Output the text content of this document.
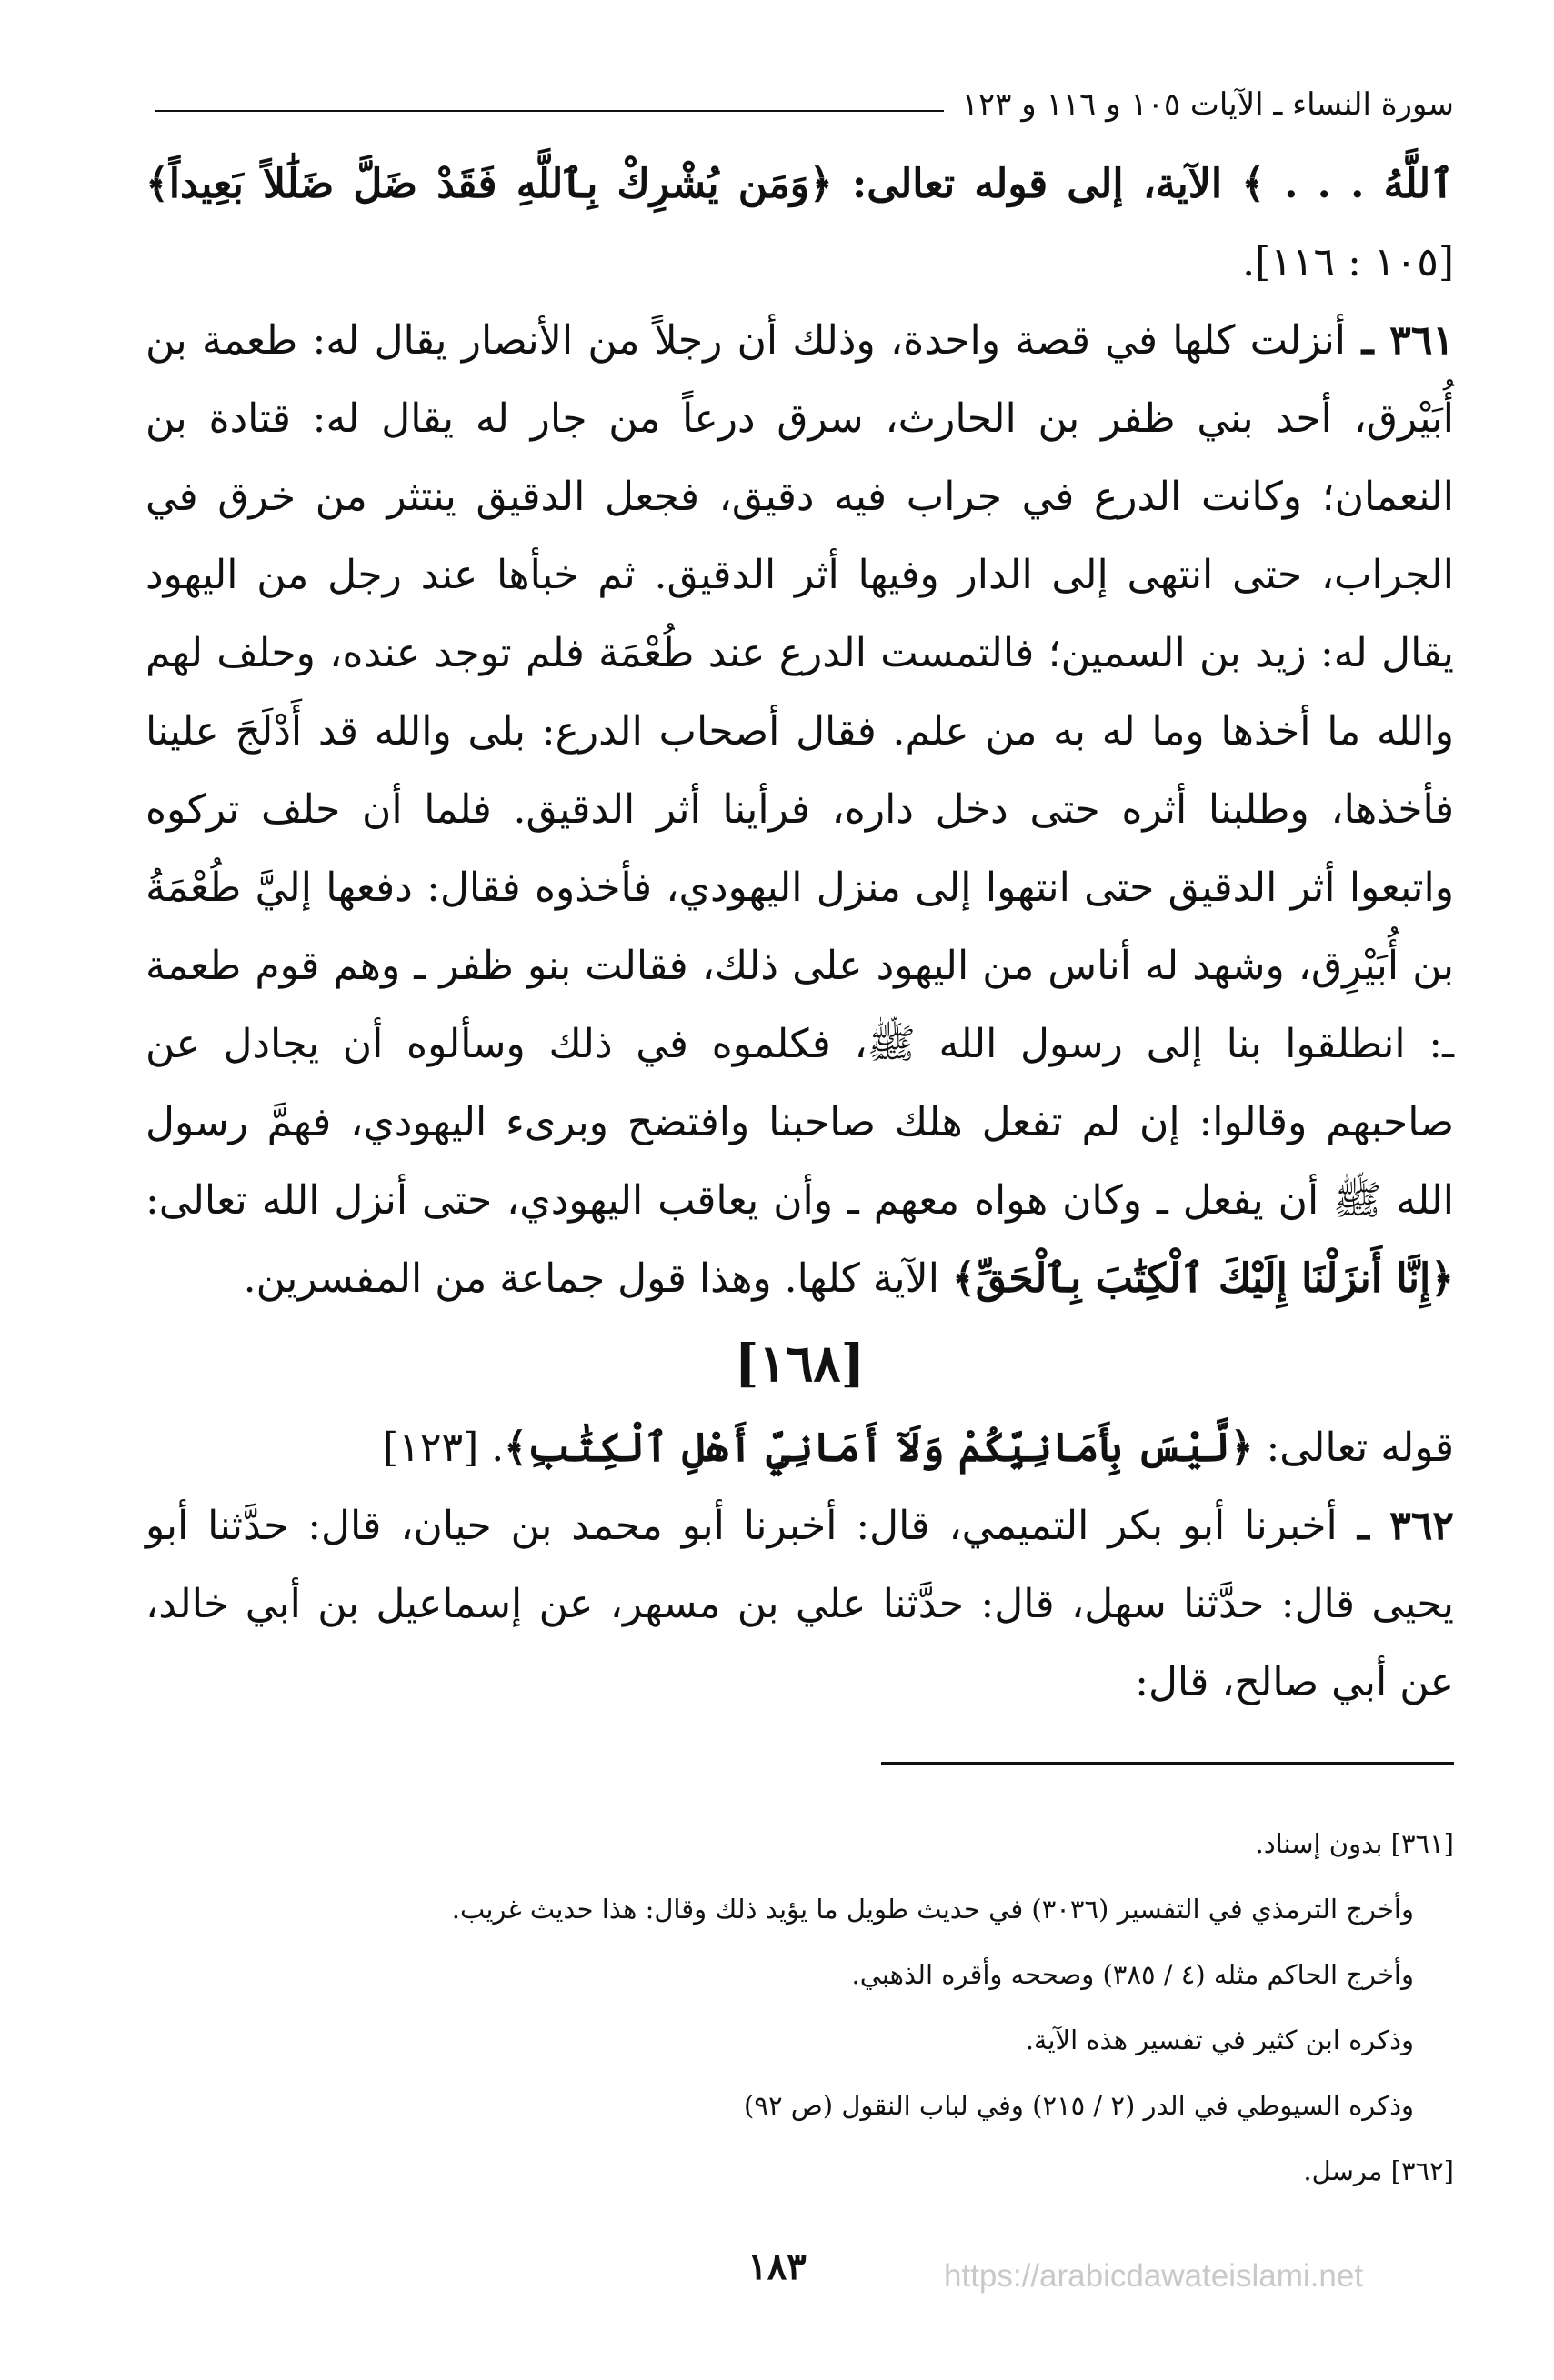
سورة النساء ـ الآيات ١٠٥ و ١١٦ و ١٢٣

ٱللَّهُ . . . ﴾ الآية، إلى قوله تعالى: ﴿وَمَن يُشْرِكْ بِٱللَّهِ فَقَدْ ضَلَّ ضَلَٰلاً بَعِيداً﴾ [١٠٥ : ١١٦].

٣٦١ ـ أنزلت كلها في قصة واحدة، وذلك أن رجلاً من الأنصار يقال له: طعمة بن أُبَيْرق، أحد بني ظفر بن الحارث، سرق درعاً من جار له يقال له: قتادة بن النعمان؛ وكانت الدرع في جراب فيه دقيق، فجعل الدقيق ينتثر من خرق في الجراب، حتى انتهى إلى الدار وفيها أثر الدقيق. ثم خبأها عند رجل من اليهود يقال له: زيد بن السمين؛ فالتمست الدرع عند طُعْمَة فلم توجد عنده، وحلف لهم والله ما أخذها وما له به من علم. فقال أصحاب الدرع: بلى والله قد أَدْلَجَ علينا فأخذها، وطلبنا أثره حتى دخل داره، فرأينا أثر الدقيق. فلما أن حلف تركوه واتبعوا أثر الدقيق حتى انتهوا إلى منزل اليهودي، فأخذوه فقال: دفعها إليَّ طُعْمَةُ بن أُبَيْرِق، وشهد له أناس من اليهود على ذلك، فقالت بنو ظفر ـ وهم قوم طعمة ـ: انطلقوا بنا إلى رسول الله ﷺ، فكلموه في ذلك وسألوه أن يجادل عن صاحبهم وقالوا: إن لم تفعل هلك صاحبنا وافتضح وبرىء اليهودي، فهمَّ رسول الله ﷺ أن يفعل ـ وكان هواه معهم ـ وأن يعاقب اليهودي، حتى أنزل الله تعالى: ﴿إِنَّا أَنزَلْنَا إِلَيْكَ ٱلْكِتَٰبَ بِٱلْحَقِّ﴾ الآية كلها. وهذا قول جماعة من المفسرين.

[١٦٨]

قوله تعالى: ﴿لَّيْسَ بِأَمَانِيِّكُمْ وَلَآ أَمَانِيِّ أَهْلِ ٱلْكِتَٰبِ﴾. [١٢٣]

٣٦٢ ـ أخبرنا أبو بكر التميمي، قال: أخبرنا أبو محمد بن حيان، قال: حدَّثنا أبو يحيى قال: حدَّثنا سهل، قال: حدَّثنا علي بن مسهر، عن إسماعيل بن أبي خالد، عن أبي صالح، قال:

[٣٦١] بدون إسناد.

وأخرج الترمذي في التفسير (٣٠٣٦) في حديث طويل ما يؤيد ذلك وقال: هذا حديث غريب.

وأخرج الحاكم مثله (٤ / ٣٨٥) وصححه وأقره الذهبي.

وذكره ابن كثير في تفسير هذه الآية.

وذكره السيوطي في الدر (٢ / ٢١٥) وفي لباب النقول (ص ٩٢)

[٣٦٢] مرسل.

١٨٣	https://arabicdawateislami.net
